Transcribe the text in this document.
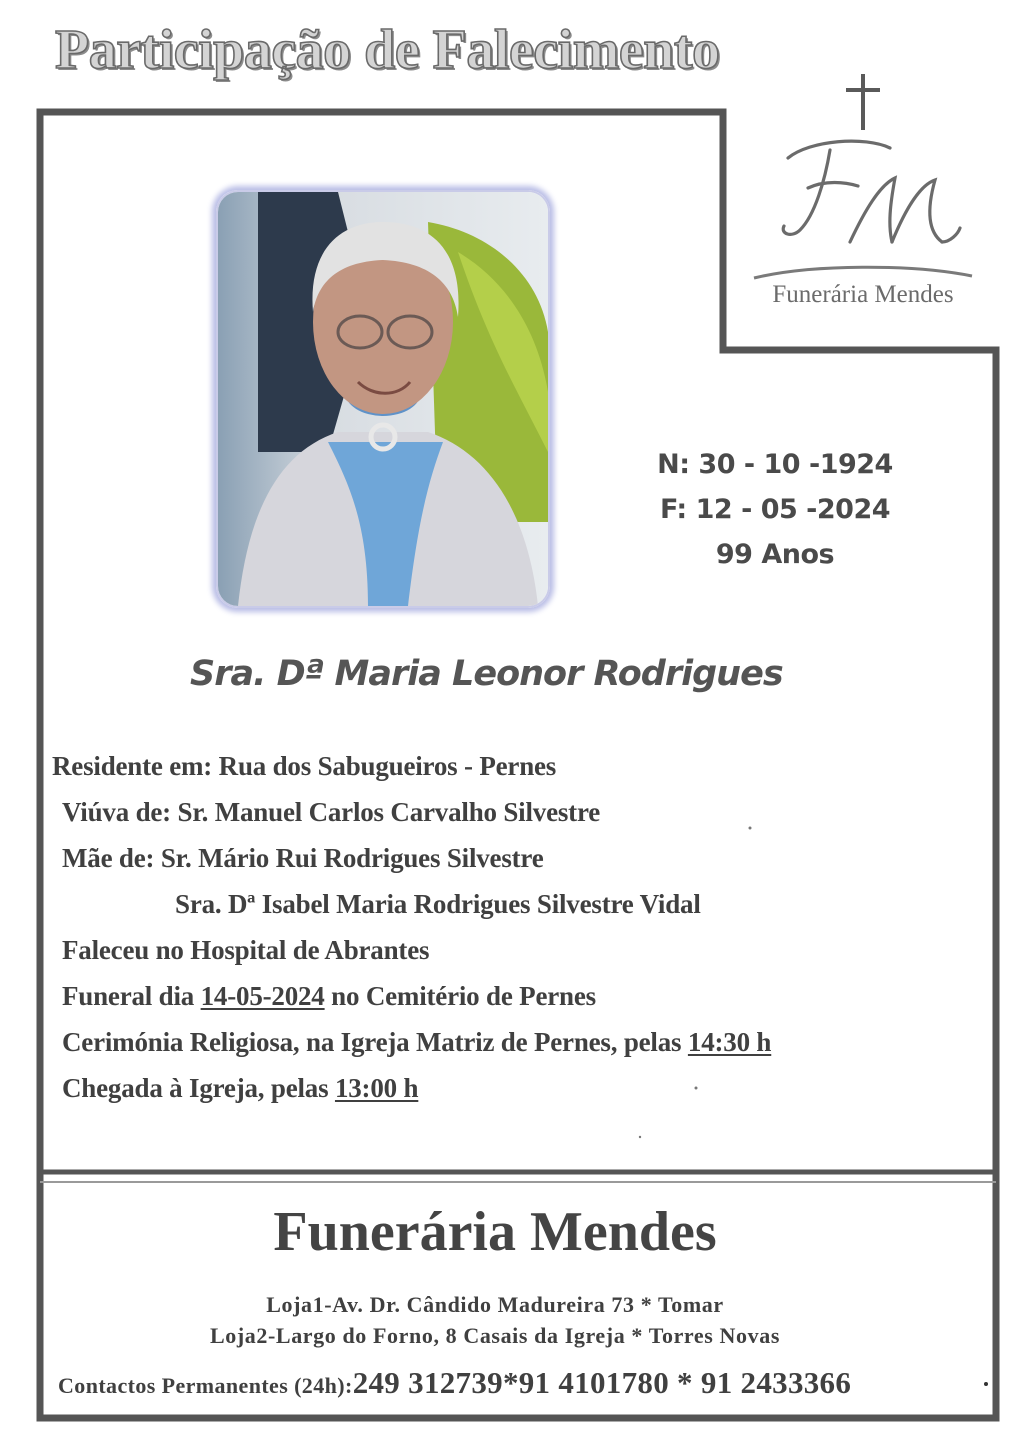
Participação de Falecimento
Funerária Mendes
N: 30 - 10 -1924
F: 12 - 05 -2024
99 Anos
Sra. Dª Maria Leonor Rodrigues
Residente em: Rua dos Sabugueiros - Pernes
Viúva de: Sr. Manuel Carlos Carvalho Silvestre
Mãe de: Sr. Mário Rui Rodrigues Silvestre
Sra. Dª Isabel Maria Rodrigues Silvestre Vidal
Faleceu no Hospital de Abrantes
Funeral dia 14-05-2024 no Cemitério de Pernes
Cerimónia Religiosa, na Igreja Matriz de Pernes, pelas 14:30 h
Chegada à Igreja, pelas 13:00 h
Funerária Mendes
Loja1-Av. Dr. Cândido Madureira 73 * Tomar
Loja2-Largo do Forno, 8 Casais da Igreja * Torres Novas
Contactos Permanentes (24h):249 312739*91 4101780 * 91 2433366
